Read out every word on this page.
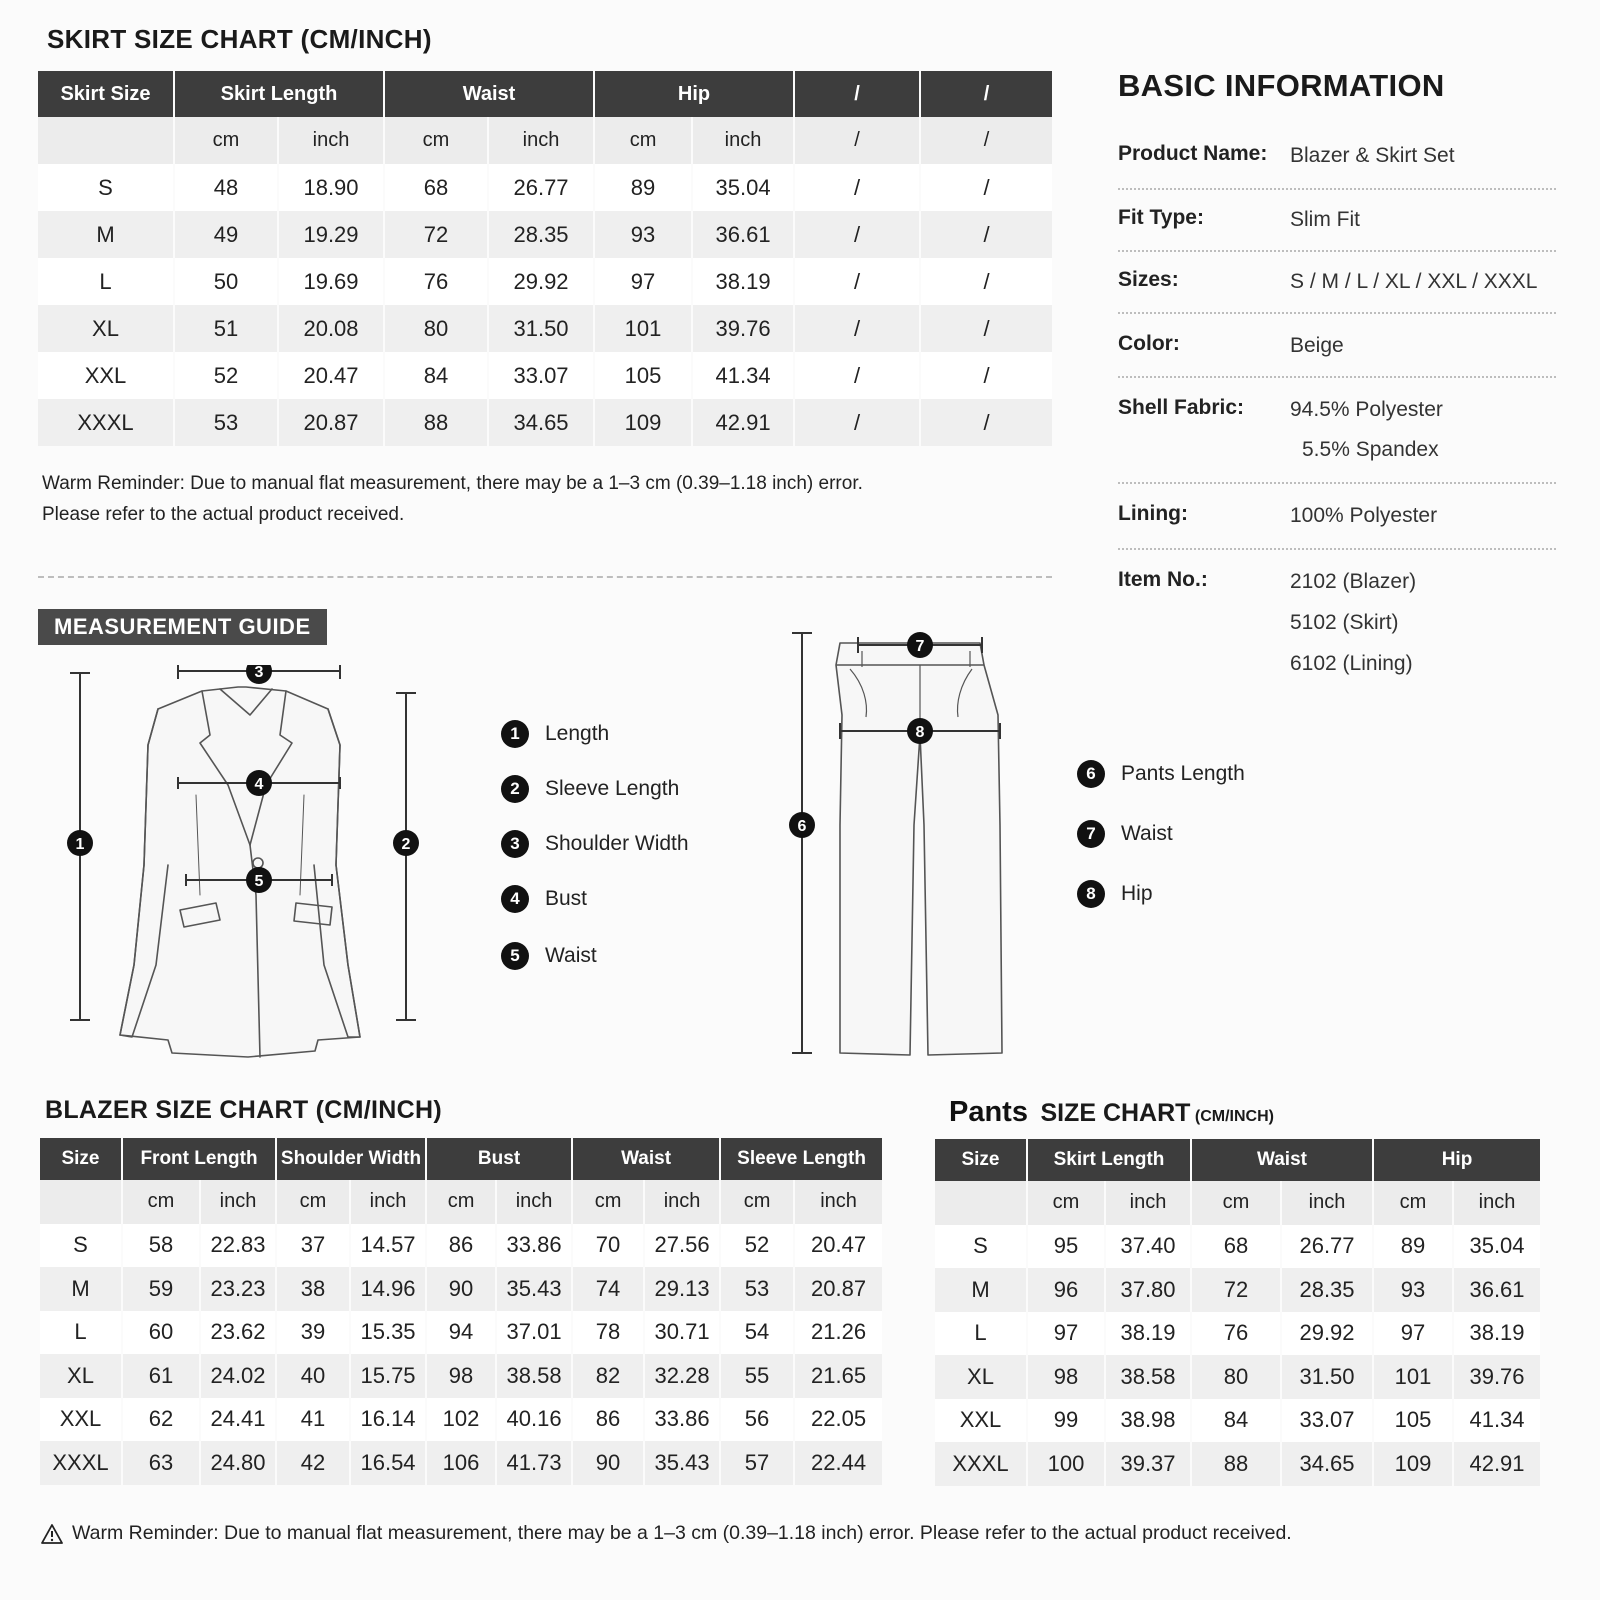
SKIRT SIZE CHART (CM/INCH)
Skirt Size	Skirt Length		Waist		Hip		/	/
	cm	inch	cm	inch	cm	inch	/	/
S	48	18.90	68	26.77	89	35.04	/	/
M	49	19.29	72	28.35	93	36.61	/	/
L	50	19.69	76	29.92	97	38.19	/	/
XL	51	20.08	80	31.50	101	39.76	/	/
XXL	52	20.47	84	33.07	105	41.34	/	/
XXXL	53	20.87	88	34.65	109	42.91	/	/
Warm Reminder: Due to manual flat measurement, there may be a 1–3 cm (0.39–1.18 inch) error.
Please refer to the actual product received.
BASIC INFORMATION
Product Name: Blazer & Skirt Set
Fit Type:	Slim Fit
Sizes:	S / M / L / XL / XXL / XXXL
Color:	Beige
Shell Fabric: 94.5% Polyester
5.5% Spandex
Lining:	100% Polyester
Item No.:	2102 (Blazer)
5102 (Skirt)
6102 (Lining)
MEASUREMENT GUIDE
1	2
3
4
5
1	Length
2	Sleeve Length
3	Shoulder Width
4	Bust
5	Waist
6
7
8
6	Pants Length
7	Waist
8	Hip
BLAZER SIZE CHART (CM/INCH)
Size	Front Length		Shoulder Width		Bust		Waist		Sleeve Length	
	cm	inch	cm	inch	cm	inch	cm	inch	cm	inch
S	58	22.83	37	14.57	86	33.86	70	27.56	52	20.47
M	59	23.23	38	14.96	90	35.43	74	29.13	53	20.87
L	60	23.62	39	15.35	94	37.01	78	30.71	54	21.26
XL	61	24.02	40	15.75	98	38.58	82	32.28	55	21.65
XXL	62	24.41	41	16.14	102	40.16	86	33.86	56	22.05
XXXL	63	24.80	42	16.54	106	41.73	90	35.43	57	22.44
Pants SIZE CHART (CM/INCH)
Size	Skirt Length		Waist		Hip	
	cm	inch	cm	inch	cm	inch
S	95	37.40	68	26.77	89	35.04
M	96	37.80	72	28.35	93	36.61
L	97	38.19	76	29.92	97	38.19
XL	98	38.58	80	31.50	101	39.76
XXL	99	38.98	84	33.07	105	41.34
XXXL	100	39.37	88	34.65	109	42.91
Warm Reminder: Due to manual flat measurement, there may be a 1–3 cm (0.39–1.18 inch) error. Please refer to the actual product received.
